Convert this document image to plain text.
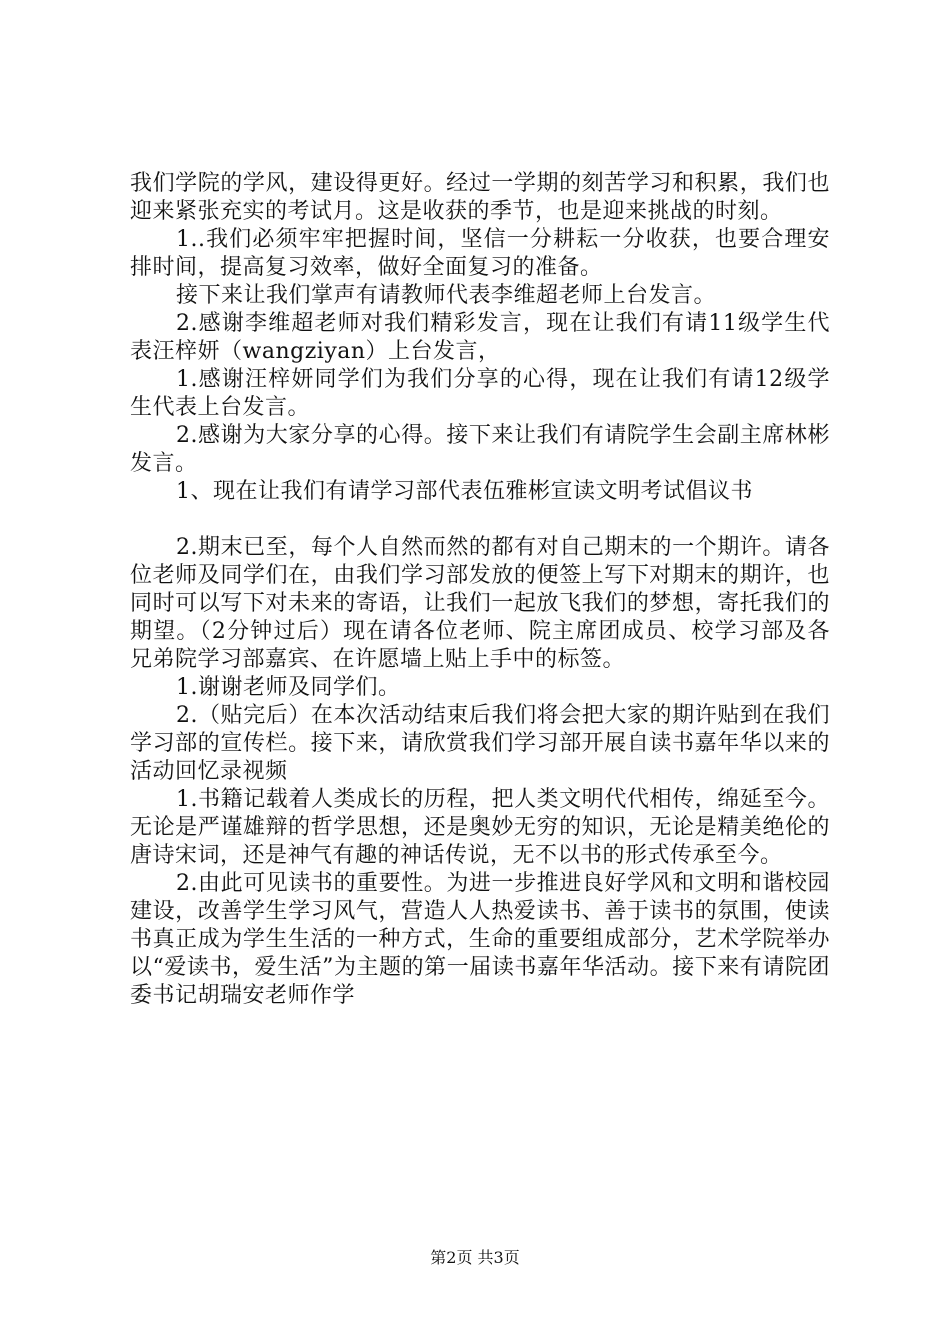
我们学院的学风，建设得更好。经过一学期的刻苦学习和积累，我们也迎来紧张充实的考试月。这是收获的季节，也是迎来挑战的时刻。

1..我们必须牢牢把握时间，坚信一分耕耘一分收获，也要合理安排时间，提高复习效率，做好全面复习的准备。

接下来让我们掌声有请教师代表李维超老师上台发言。

2.感谢李维超老师对我们精彩发言，现在让我们有请11级学生代表汪梓妍（wangziyan）上台发言，

1.感谢汪梓妍同学们为我们分享的心得，现在让我们有请12级学生代表上台发言。

2.感谢为大家分享的心得。接下来让我们有请院学生会副主席林彬发言。

1、现在让我们有请学习部代表伍雅彬宣读文明考试倡议书

2.期末已至，每个人自然而然的都有对自己期末的一个期许。请各位老师及同学们在，由我们学习部发放的便签上写下对期末的期许，也同时可以写下对未来的寄语，让我们一起放飞我们的梦想，寄托我们的期望。（2分钟过后）现在请各位老师、院主席团成员、校学习部及各兄弟院学习部嘉宾、在许愿墙上贴上手中的标签。

1.谢谢老师及同学们。

2.（贴完后）在本次活动结束后我们将会把大家的期许贴到在我们学习部的宣传栏。接下来，请欣赏我们学习部开展自读书嘉年华以来的活动回忆录视频

1.书籍记载着人类成长的历程，把人类文明代代相传，绵延至今。无论是严谨雄辩的哲学思想，还是奥妙无穷的知识，无论是精美绝伦的唐诗宋词，还是神气有趣的神话传说，无不以书的形式传承至今。

2.由此可见读书的重要性。为进一步推进良好学风和文明和谐校园建设，改善学生学习风气，营造人人热爱读书、善于读书的氛围，使读书真正成为学生生活的一种方式，生命的重要组成部分，艺术学院举办以“爱读书，爱生活”为主题的第一届读书嘉年华活动。接下来有请院团委书记胡瑞安老师作学

第2页 共3页
